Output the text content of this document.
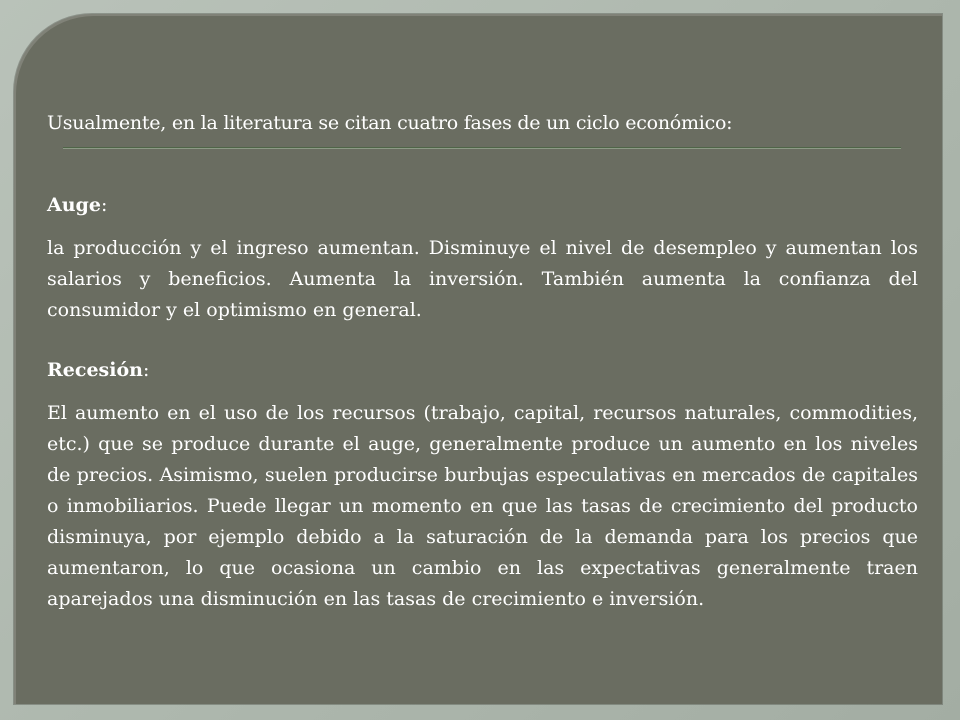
Usualmente, en la literatura se citan cuatro fases de un ciclo económico:

Auge:

la producción y el ingreso aumentan. Disminuye el nivel de desempleo y aumentan los salarios y beneficios. Aumenta la inversión. También aumenta la confianza del consumidor y el optimismo en general.

Recesión:

El aumento en el uso de los recursos (trabajo, capital, recursos naturales, commodities, etc.) que se produce durante el auge, generalmente produce un aumento en los niveles de precios. Asimismo, suelen producirse burbujas especulativas en mercados de capitales o inmobiliarios. Puede llegar un momento en que las tasas de crecimiento del producto disminuya, por ejemplo debido a la saturación de la demanda para los precios que aumentaron, lo que ocasiona un cambio en las expectativas generalmente traen aparejados una disminución en las tasas de crecimiento e inversión.
